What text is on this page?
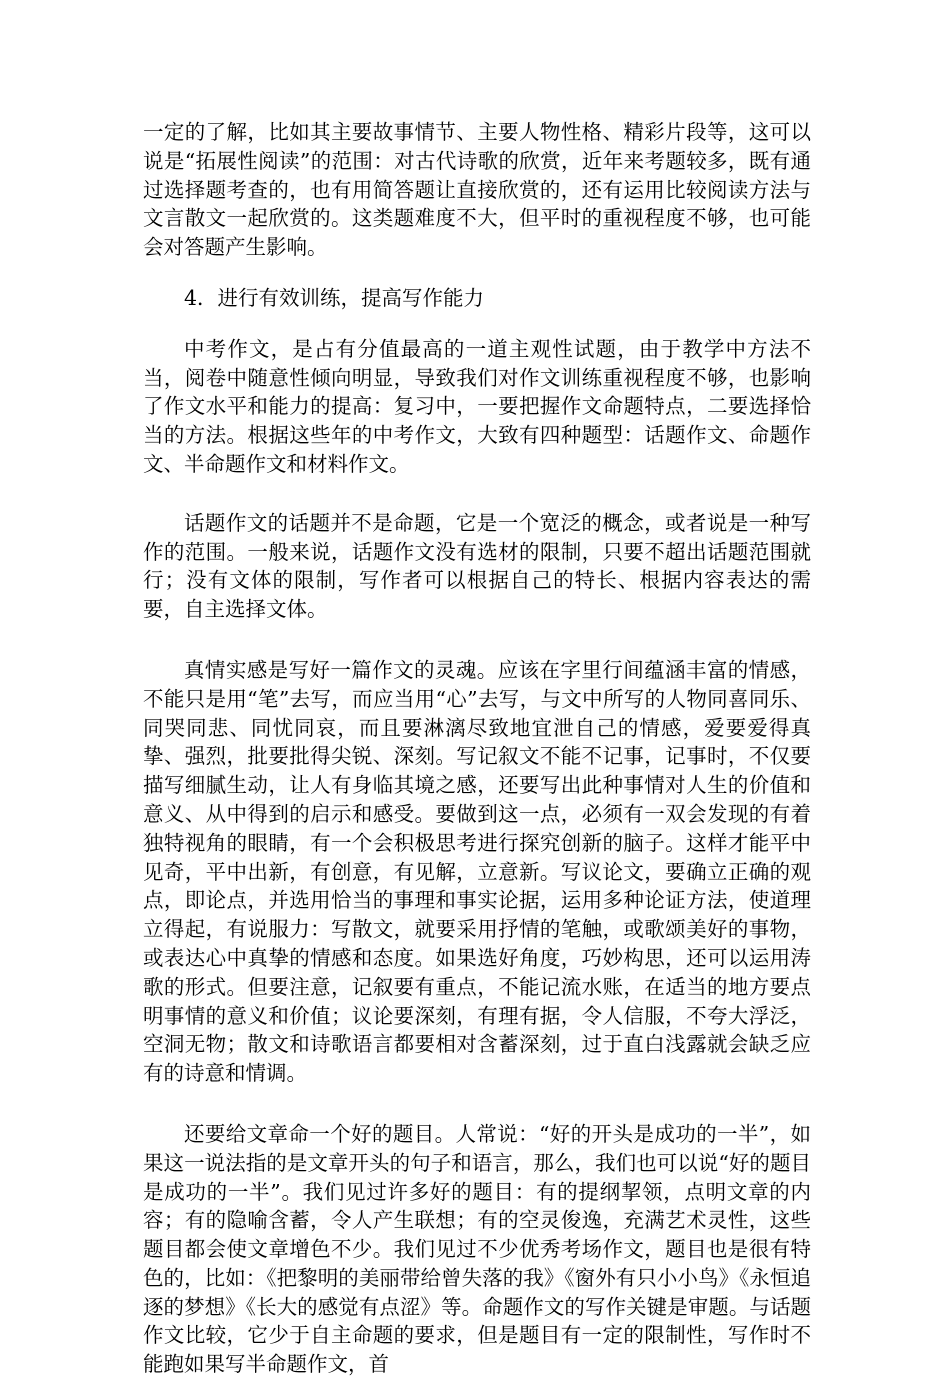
一定的了解，比如其主要故事情节、主要人物性格、精彩片段等，这可以说是“拓展性阅读”的范围：对古代诗歌的欣赏，近年来考题较多，既有通过选择题考查的，也有用简答题让直接欣赏的，还有运用比较阅读方法与文言散文一起欣赏的。这类题难度不大，但平时的重视程度不够，也可能会对答题产生影响。

4．进行有效训练，提高写作能力

中考作文，是占有分值最高的一道主观性试题，由于教学中方法不当，阅卷中随意性倾向明显，导致我们对作文训练重视程度不够，也影响了作文水平和能力的提高：复习中，一要把握作文命题特点，二要选择恰当的方法。根据这些年的中考作文，大致有四种题型：话题作文、命题作文、半命题作文和材料作文。

话题作文的话题并不是命题，它是一个宽泛的概念，或者说是一种写作的范围。一般来说，话题作文没有选材的限制，只要不超出话题范围就行；没有文体的限制，写作者可以根据自己的特长、根据内容表达的需要，自主选择文体。

真情实感是写好一篇作文的灵魂。应该在字里行间蕴涵丰富的情感，不能只是用“笔”去写，而应当用“心”去写，与文中所写的人物同喜同乐、同哭同悲、同忧同哀，而且要淋漓尽致地宜泄自己的情感，爱要爱得真挚、强烈，批要批得尖锐、深刻。写记叙文不能不记事，记事时，不仅要描写细腻生动，让人有身临其境之感，还要写出此种事情对人生的价值和意义、从中得到的启示和感受。要做到这一点，必须有一双会发现的有着独特视角的眼睛，有一个会积极思考进行探究创新的脑子。这样才能平中见奇，平中出新，有创意，有见解，立意新。写议论文，要确立正确的观点，即论点，并选用恰当的事理和事实论据，运用多种论证方法，使道理立得起，有说服力：写散文，就要采用抒情的笔触，或歌颂美好的事物，或表达心中真挚的情感和态度。如果选好角度，巧妙构思，还可以运用涛歌的形式。但要注意，记叙要有重点，不能记流水账，在适当的地方要点明事情的意义和价值；议论要深刻，有理有据，令人信服，不夸大浮泛，空洞无物；散文和诗歌语言都要相对含蓄深刻，过于直白浅露就会缺乏应有的诗意和情调。

还要给文章命一个好的题目。人常说：“好的开头是成功的一半”，如果这一说法指的是文章开头的句子和语言，那么，我们也可以说“好的题目是成功的一半”。我们见过许多好的题目：有的提纲挈领，点明文章的内容；有的隐喻含蓄，令人产生联想；有的空灵俊逸，充满艺术灵性，这些题目都会使文章增色不少。我们见过不少优秀考场作文，题目也是很有特色的，比如：《把黎明的美丽带给曾失落的我》《窗外有只小小鸟》《永恒追逐的梦想》《长大的感觉有点涩》等。命题作文的写作关键是审题。与话题作文比较，它少于自主命题的要求，但是题目有一定的限制性，写作时不能跑如果写半命题作文，首
